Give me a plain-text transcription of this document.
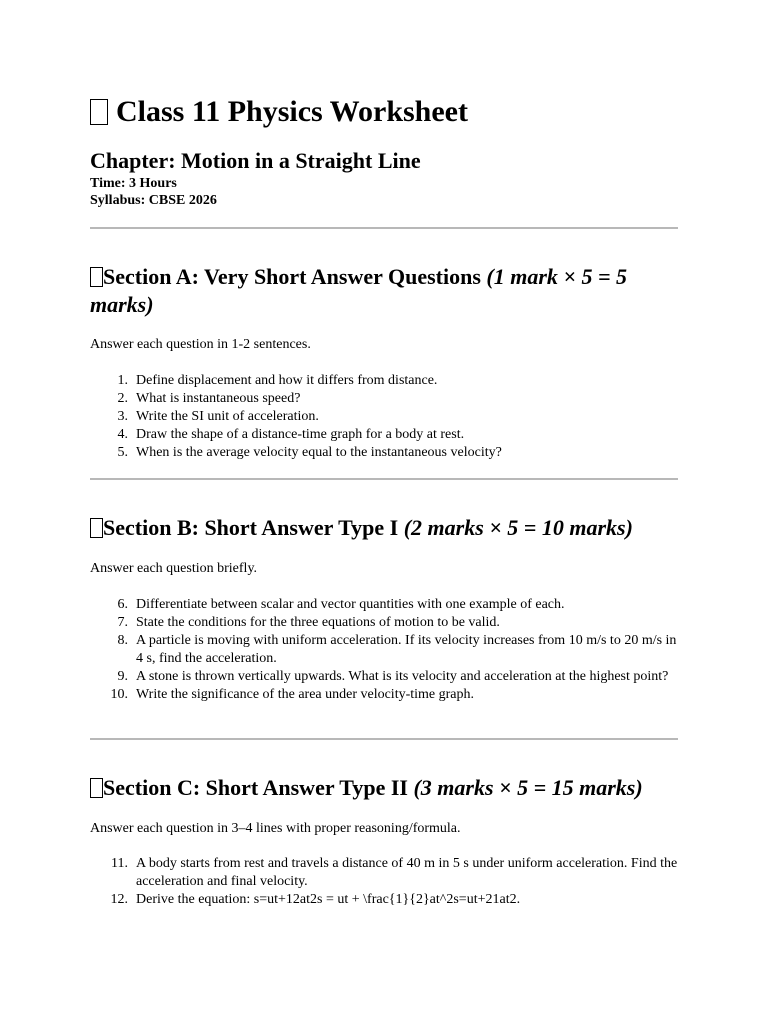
Class 11 Physics Worksheet
Chapter: Motion in a Straight Line

Time: 3 Hours

Syllabus: CBSE 2026

Section A: Very Short Answer Questions (1 mark × 5 = 5 marks)

Answer each question in 1-2 sentences.

1. Define displacement and how it differs from distance.
2. What is instantaneous speed?
3. Write the SI unit of acceleration.
4. Draw the shape of a distance-time graph for a body at rest.
5. When is the average velocity equal to the instantaneous velocity?
Section B: Short Answer Type I (2 marks × 5 = 10 marks)

Answer each question briefly.

6. Differentiate between scalar and vector quantities with one example of each.
7. State the conditions for the three equations of motion to be valid.
8. A particle is moving with uniform acceleration. If its velocity increases from 10 m/s to 20 m/s in 4 s, find the acceleration.
9. A stone is thrown vertically upwards. What is its velocity and acceleration at the highest point?
10. Write the significance of the area under velocity-time graph.
Section C: Short Answer Type II (3 marks × 5 = 15 marks)

Answer each question in 3–4 lines with proper reasoning/formula.

11. A body starts from rest and travels a distance of 40 m in 5 s under uniform acceleration. Find the acceleration and final velocity.
12. Derive the equation: s=ut+12at2s = ut + \frac{1}{2}at^2s=ut+21at2.
